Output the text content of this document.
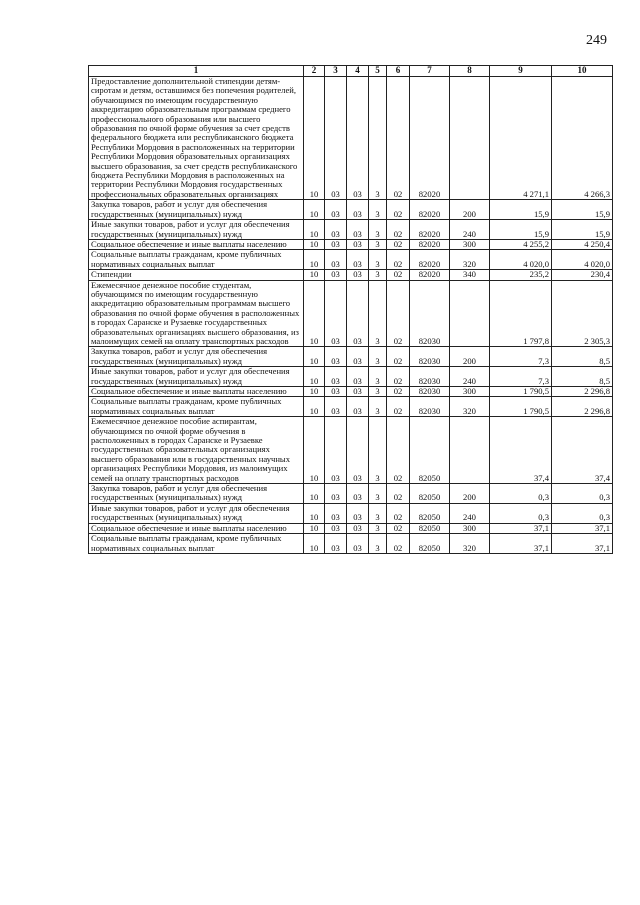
249
1	2	3	4	5	6	7	8	9	10
Предоставление дополнительной стипендии детям-сиротам и детям, оставшимся без попечения родителей, обучающимся по имеющим государственную аккредитацию образовательным программам среднего профессионального образования или высшего образования по очной форме обучения за счет средств федерального бюджета или республиканского бюджета Республики Мордовия в расположенных на территории Республики Мордовия образовательных организациях высшего образования, за счет средств республиканского бюджета Республики Мордовия в расположенных на территории Республики Мордовия государственных профессиональных образовательных организациях	10	03	03	3	02	82020		4 271,1	4 266,3
Закупка товаров, работ и услуг для обеспечения государственных (муниципальных) нужд	10	03	03	3	02	82020	200	15,9	15,9
Иные закупки товаров, работ и услуг для обеспечения государственных (муниципальных) нужд	10	03	03	3	02	82020	240	15,9	15,9
Социальное обеспечение и иные выплаты населению	10	03	03	3	02	82020	300	4 255,2	4 250,4
Социальные выплаты гражданам, кроме публичных нормативных социальных выплат	10	03	03	3	02	82020	320	4 020,0	4 020,0
Стипендии	10	03	03	3	02	82020	340	235,2	230,4
Ежемесячное денежное пособие студентам, обучающимся по имеющим государственную аккредитацию образовательным программам высшего образования по очной форме обучения в расположенных в городах Саранске и Рузаевке государственных образовательных организациях высшего образования, из малоимущих семей на оплату транспортных расходов	10	03	03	3	02	82030		1 797,8	2 305,3
Закупка товаров, работ и услуг для обеспечения государственных (муниципальных) нужд	10	03	03	3	02	82030	200	7,3	8,5
Иные закупки товаров, работ и услуг для обеспечения государственных (муниципальных) нужд	10	03	03	3	02	82030	240	7,3	8,5
Социальное обеспечение и иные выплаты населению	10	03	03	3	02	82030	300	1 790,5	2 296,8
Социальные выплаты гражданам, кроме публичных нормативных социальных выплат	10	03	03	3	02	82030	320	1 790,5	2 296,8
Ежемесячное денежное пособие аспирантам, обучающимся по очной форме обучения в расположенных в городах Саранске и Рузаевке государственных образовательных организациях высшего образования или в государственных научных организациях Республики Мордовия, из малоимущих семей на оплату транспортных расходов	10	03	03	3	02	82050		37,4	37,4
Закупка товаров, работ и услуг для обеспечения государственных (муниципальных) нужд	10	03	03	3	02	82050	200	0,3	0,3
Иные закупки товаров, работ и услуг для обеспечения государственных (муниципальных) нужд	10	03	03	3	02	82050	240	0,3	0,3
Социальное обеспечение и иные выплаты населению	10	03	03	3	02	82050	300	37,1	37,1
Социальные выплаты гражданам, кроме публичных нормативных социальных выплат	10	03	03	3	02	82050	320	37,1	37,1
